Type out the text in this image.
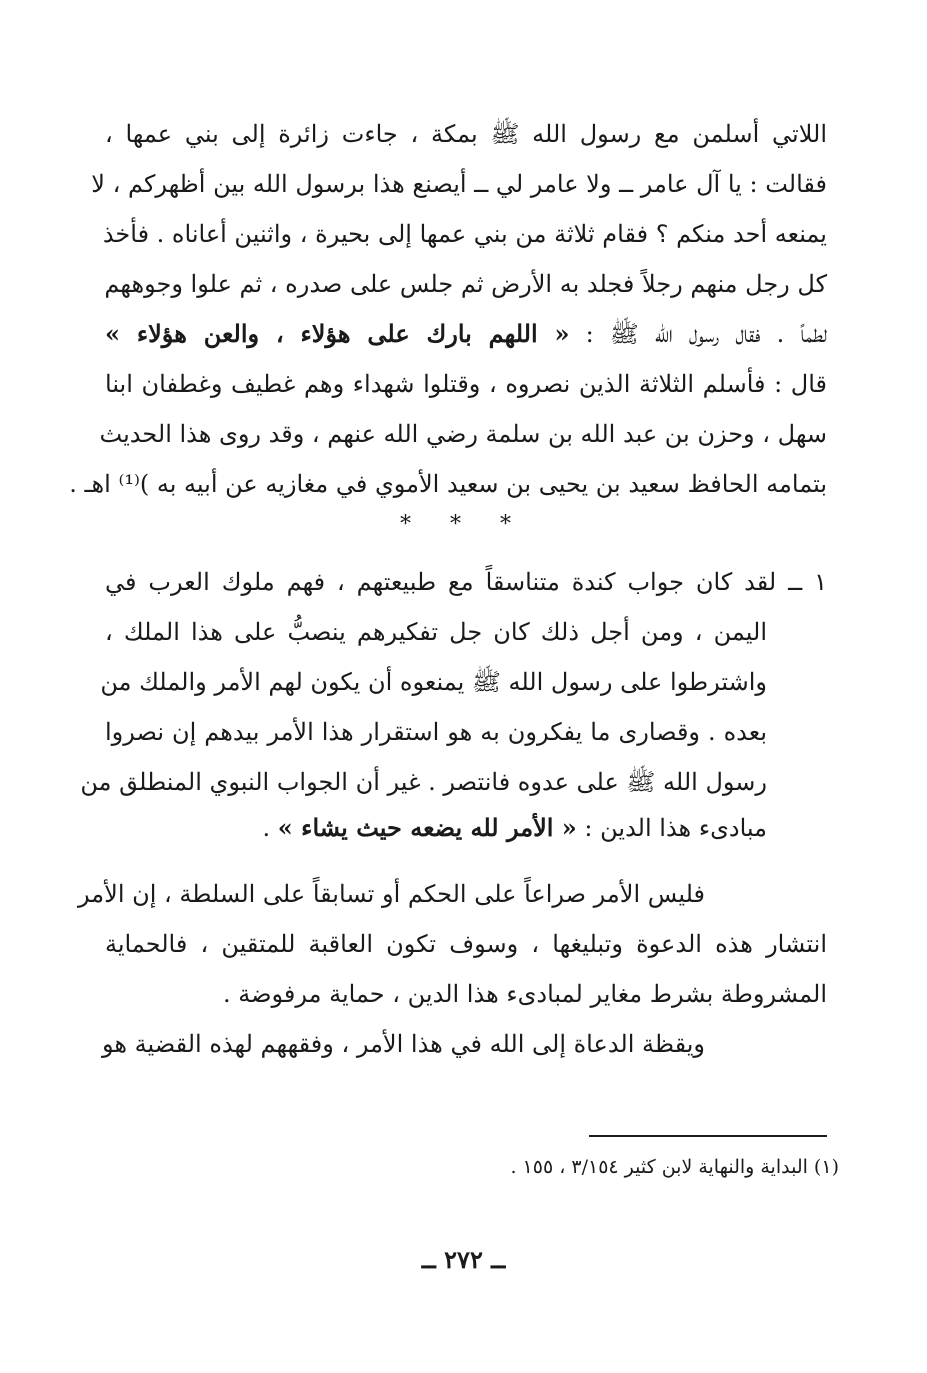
اللاتي أسلمن مع رسول الله ﷺ بمكة ، جاءت زائرة إلى بني عمها ،
فقالت : يا آل عامر ــ ولا عامر لي ــ أيصنع هذا برسول الله بين أظهركم ، لا
يمنعه أحد منكم ؟ فقام ثلاثة من بني عمها إلى بحيرة ، واثنين أعاناه . فأخذ
كل رجل منهم رجلاً فجلد به الأرض ثم جلس على صدره ، ثم علوا وجوههم
لطماً . فقال رسول الله ﷺ : « اللهم بارك على هؤلاء ، والعن هؤلاء »
قال : فأسلم الثلاثة الذين نصروه ، وقتلوا شهداء وهم غطيف وغطفان ابنا
سهل ، وحزن بن عبد الله بن سلمة رضي الله عنهم ، وقد روى هذا الحديث
بتمامه الحافظ سعيد بن يحيى بن سعيد الأموي في مغازيه عن أبيه به )⁽¹⁾ اهـ .
* * *
١ ــ لقد كان جواب كندة متناسقاً مع طبيعتهم ، فهم ملوك العرب في
اليمن ، ومن أجل ذلك كان جل تفكيرهم ينصبُّ على هذا الملك ،
واشترطوا على رسول الله ﷺ يمنعوه أن يكون لهم الأمر والملك من
بعده . وقصارى ما يفكرون به هو استقرار هذا الأمر بيدهم إن نصروا
رسول الله ﷺ على عدوه فانتصر . غير أن الجواب النبوي المنطلق من
مبادىء هذا الدين : « الأمر لله يضعه حيث يشاء » .
فليس الأمر صراعاً على الحكم أو تسابقاً على السلطة ، إن الأمر
انتشار هذه الدعوة وتبليغها ، وسوف تكون العاقبة للمتقين ، فالحماية
المشروطة بشرط مغاير لمبادىء هذا الدين ، حماية مرفوضة .
ويقظة الدعاة إلى الله في هذا الأمر ، وفقههم لهذه القضية هو
(١) البداية والنهاية لابن كثير ٣/١٥٤ ، ١٥٥ .
ــ ٢٧٢ ــ
